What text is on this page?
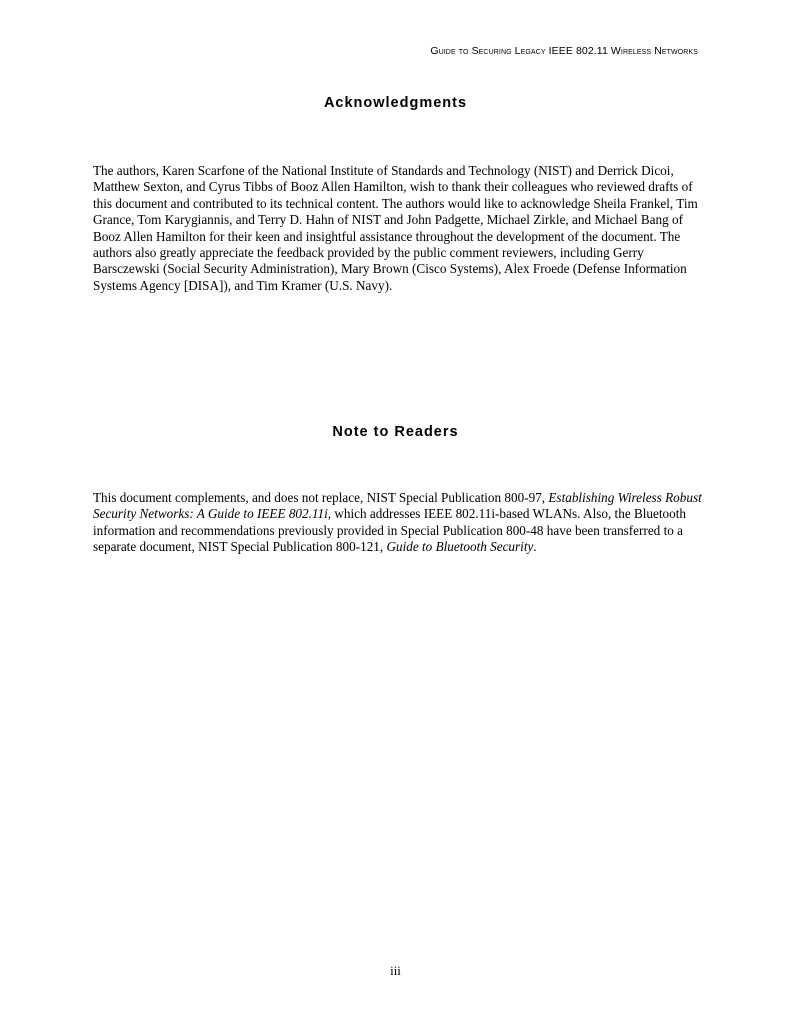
Guide to Securing Legacy IEEE 802.11 Wireless Networks
Acknowledgments

The authors, Karen Scarfone of the National Institute of Standards and Technology (NIST) and Derrick Dicoi, Matthew Sexton, and Cyrus Tibbs of Booz Allen Hamilton, wish to thank their colleagues who reviewed drafts of this document and contributed to its technical content. The authors would like to acknowledge Sheila Frankel, Tim Grance, Tom Karygiannis, and Terry D. Hahn of NIST and John Padgette, Michael Zirkle, and Michael Bang of Booz Allen Hamilton for their keen and insightful assistance throughout the development of the document. The authors also greatly appreciate the feedback provided by the public comment reviewers, including Gerry Barsczewski (Social Security Administration), Mary Brown (Cisco Systems), Alex Froede (Defense Information Systems Agency [DISA]), and Tim Kramer (U.S. Navy).

Note to Readers

This document complements, and does not replace, NIST Special Publication 800-97, Establishing Wireless Robust Security Networks: A Guide to IEEE 802.11i, which addresses IEEE 802.11i-based WLANs. Also, the Bluetooth information and recommendations previously provided in Special Publication 800-48 have been transferred to a separate document, NIST Special Publication 800-121, Guide to Bluetooth Security.

iii
